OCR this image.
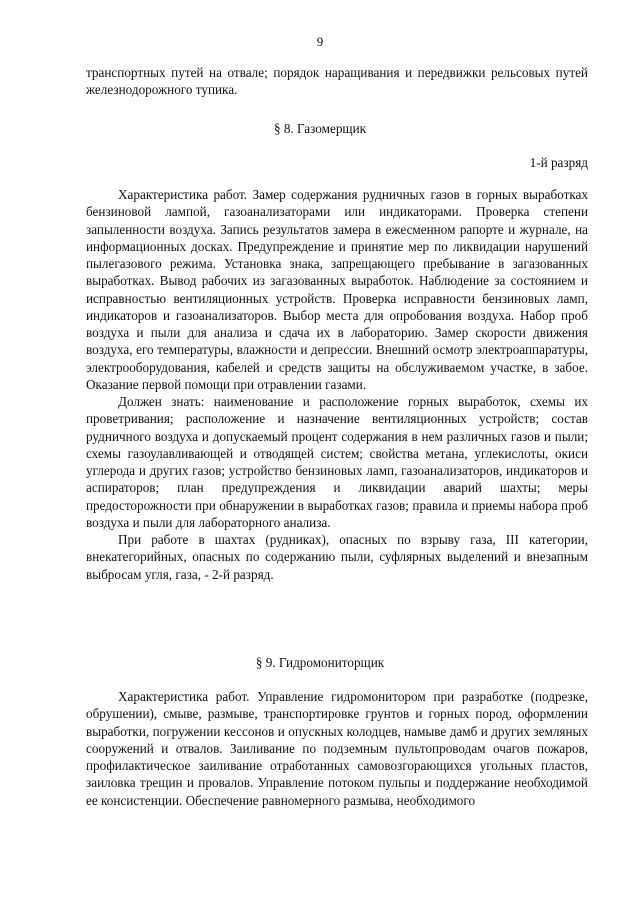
9

транспортных путей на отвале; порядок наращивания и передвижки рельсовых путей железнодорожного тупика.

§ 8. Газомерщик
1-й разряд

Характеристика работ. Замер содержания рудничных газов в горных выработках бензиновой лампой, газоанализаторами или индикаторами. Проверка степени запыленности воздуха. Запись результатов замера в ежесменном рапорте и журнале, на информационных досках. Предупреждение и принятие мер по ликвидации нарушений пылегазового режима. Установка знака, запрещающего пребывание в загазованных выработках. Вывод рабочих из загазованных выработок. Наблюдение за состоянием и исправностью вентиляционных устройств. Проверка исправности бензиновых ламп, индикаторов и газоанализаторов. Выбор места для опробования воздуха. Набор проб воздуха и пыли для анализа и сдача их в лабораторию. Замер скорости движения воздуха, его температуры, влажности и депрессии. Внешний осмотр электроаппаратуры, электрооборудования, кабелей и средств защиты на обслуживаемом участке, в забое. Оказание первой помощи при отравлении газами.

Должен знать: наименование и расположение горных выработок, схемы их проветривания; расположение и назначение вентиляционных устройств; состав рудничного воздуха и допускаемый процент содержания в нем различных газов и пыли; схемы газоулавливающей и отводящей систем; свойства метана, углекислоты, окиси углерода и других газов; устройство бензиновых ламп, газоанализаторов, индикаторов и аспираторов; план предупреждения и ликвидации аварий шахты; меры предосторожности при обнаружении в выработках газов; правила и приемы набора проб воздуха и пыли для лабораторного анализа.

При работе в шахтах (рудниках), опасных по взрыву газа, III категории, внекатегорийных, опасных по содержанию пыли, суфлярных выделений и внезапным выбросам угля, газа, - 2-й разряд.

§ 9. Гидромониторщик

Характеристика работ. Управление гидромонитором при разработке (подрезке, обрушении), смыве, размыве, транспортировке грунтов и горных пород, оформлении выработки, погружении кессонов и опускных колодцев, намыве дамб и других земляных сооружений и отвалов. Заиливание по подземным пультопроводам очагов пожаров, профилактическое заиливание отработанных самовозгорающихся угольных пластов, заиловка трещин и провалов. Управление потоком пульпы и поддержание необходимой ее консистенции. Обеспечение равномерного размыва, необходимого
